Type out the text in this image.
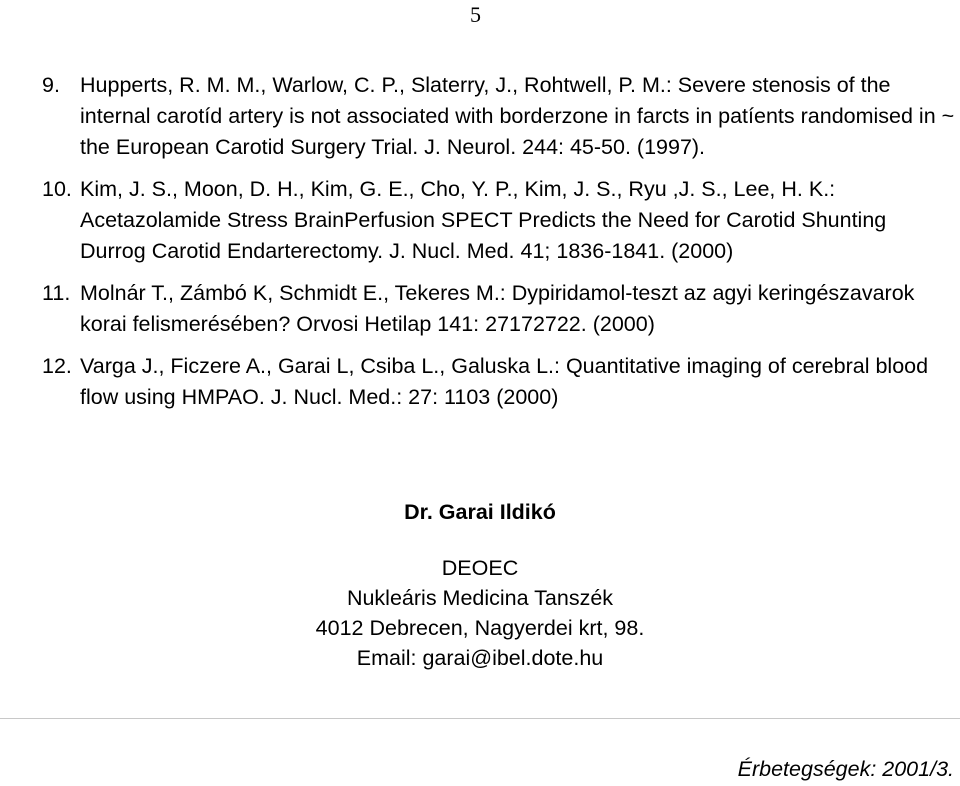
5
9. Hupperts, R. M. M., Warlow, C. P., Slaterry, J., Rohtwell, P. M.: Severe stenosis of the internal carotíd artery is not associated with borderzone in farcts in patíents randomised in ~ the European Carotid Surgery Trial. J. Neurol. 244: 45-50. (1997).
10. Kim, J. S., Moon, D. H., Kim, G. E., Cho, Y. P., Kim, J. S., Ryu ,J. S., Lee, H. K.: Acetazolamide Stress BrainPerfusion SPECT Predicts the Need for Carotid Shunting Durrog Carotid Endarterectomy. J. Nucl. Med. 41; 1836-1841. (2000)
11. Molnár T., Zámbó K, Schmidt E., Tekeres M.: Dypiridamol-teszt az agyi keringészavarok korai felismerésében? Orvosi Hetilap 141: 27172722. (2000)
12. Varga J., Ficzere A., Garai L, Csiba L., Galuska L.: Quantitative imaging of cerebral blood flow using HMPAO. J. Nucl. Med.: 27: 1103 (2000)
Dr. Garai Ildikó
DEOEC
Nukleáris Medicina Tanszék
4012 Debrecen, Nagyerdei krt, 98.
Email: garai@ibel.dote.hu
Érbetegségek: 2001/3.
